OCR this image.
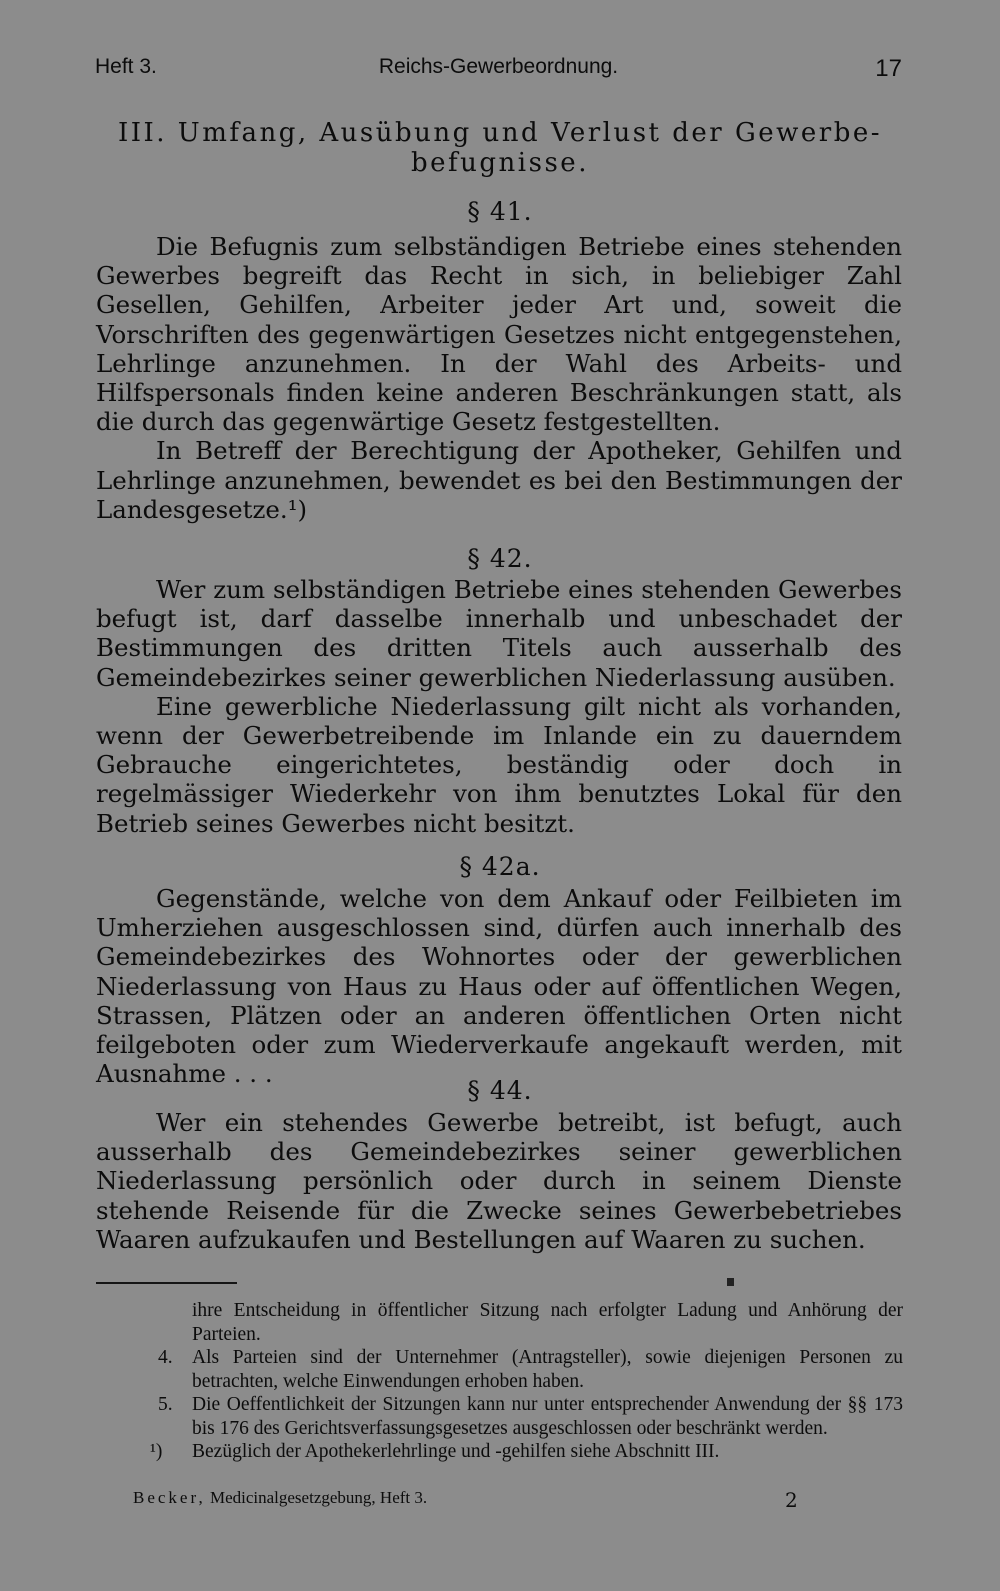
Heft 3.	Reichs-Gewerbeordnung.	17
III. Umfang, Ausübung und Verlust der Gewerbe-
befugnisse.
§ 41.

Die Befugnis zum selbständigen Betriebe eines stehenden Gewerbes begreift das Recht in sich, in beliebiger Zahl Gesellen, Gehilfen, Arbeiter jeder Art und, soweit die Vorschriften des gegenwärtigen Gesetzes nicht entgegenstehen, Lehrlinge anzunehmen. In der Wahl des Arbeits- und Hilfspersonals finden keine anderen Beschränkungen statt, als die durch das gegenwärtige Gesetz festgestellten.

In Betreff der Berechtigung der Apotheker, Gehilfen und Lehrlinge anzunehmen, bewendet es bei den Bestimmungen der Landesgesetze.¹)

§ 42.

Wer zum selbständigen Betriebe eines stehenden Gewerbes befugt ist, darf dasselbe innerhalb und unbeschadet der Bestimmungen des dritten Titels auch ausserhalb des Gemeindebezirkes seiner gewerblichen Niederlassung ausüben.

Eine gewerbliche Niederlassung gilt nicht als vorhanden, wenn der Gewerbetreibende im Inlande ein zu dauerndem Gebrauche eingerichtetes, beständig oder doch in regelmässiger Wiederkehr von ihm benutztes Lokal für den Betrieb seines Gewerbes nicht besitzt.

§ 42a.

Gegenstände, welche von dem Ankauf oder Feilbieten im Umherziehen ausgeschlossen sind, dürfen auch innerhalb des Gemeindebezirkes des Wohnortes oder der gewerblichen Niederlassung von Haus zu Haus oder auf öffentlichen Wegen, Strassen, Plätzen oder an anderen öffentlichen Orten nicht feilgeboten oder zum Wiederverkaufe angekauft werden, mit Ausnahme . . .

§ 44.

Wer ein stehendes Gewerbe betreibt, ist befugt, auch ausserhalb des Gemeindebezirkes seiner gewerblichen Niederlassung persönlich oder durch in seinem Dienste stehende Reisende für die Zwecke seines Gewerbebetriebes Waaren aufzukaufen und Bestellungen auf Waaren zu suchen.

ihre Entscheidung in öffentlicher Sitzung nach erfolgter Ladung und Anhörung der Parteien.
4. Als Parteien sind der Unternehmer (Antragsteller), sowie diejenigen Personen zu betrachten, welche Einwendungen erhoben haben.
5. Die Oeffentlichkeit der Sitzungen kann nur unter entsprechender Anwendung der §§ 173 bis 176 des Gerichtsverfassungsgesetzes ausgeschlossen oder beschränkt werden.
¹) Bezüglich der Apothekerlehrlinge und -gehilfen siehe Abschnitt III.
Becker, Medicinalgesetzgebung, Heft 3.	2
